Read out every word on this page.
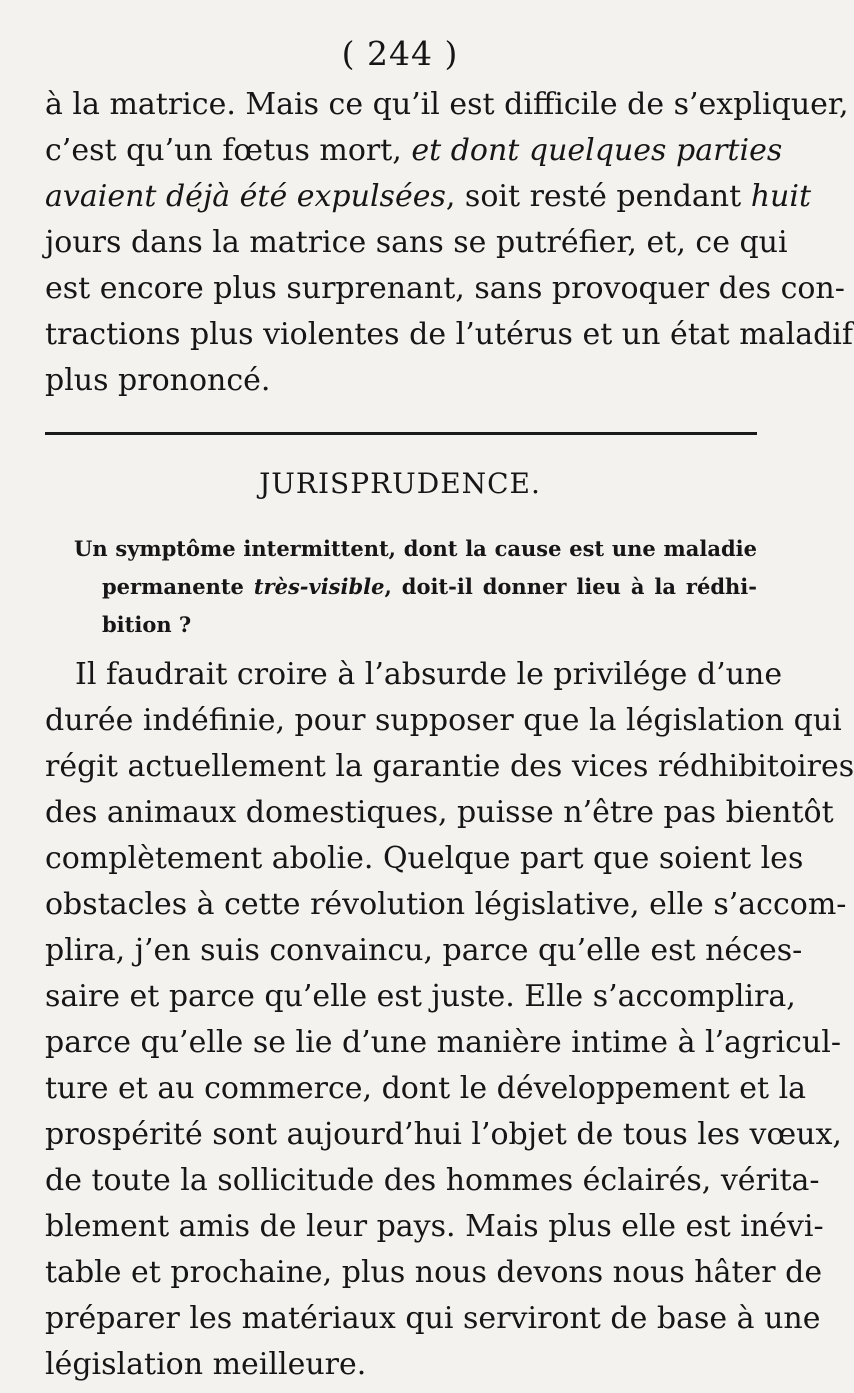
( 244 )
à la matrice. Mais ce qu’il est difficile de s’expliquer,
c’est qu’un fœtus mort, et dont quelques parties
avaient déjà été expulsées, soit resté pendant huit
jours dans la matrice sans se putréfier, et, ce qui
est encore plus surprenant, sans provoquer des con-
tractions plus violentes de l’utérus et un état maladif
plus prononcé.
JURISPRUDENCE.
Un symptôme intermittent, dont la cause est une maladie
permanente très-visible, doit-il donner lieu à la rédhi-
bition ?
Il faudrait croire à l’absurde le privilége d’une
durée indéfinie, pour supposer que la législation qui
régit actuellement la garantie des vices rédhibitoires
des animaux domestiques, puisse n’être pas bientôt
complètement abolie. Quelque part que soient les
obstacles à cette révolution législative, elle s’accom-
plira, j’en suis convaincu, parce qu’elle est néces-
saire et parce qu’elle est juste. Elle s’accomplira,
parce qu’elle se lie d’une manière intime à l’agricul-
ture et au commerce, dont le développement et la
prospérité sont aujourd’hui l’objet de tous les vœux,
de toute la sollicitude des hommes éclairés, vérita-
blement amis de leur pays. Mais plus elle est inévi-
table et prochaine, plus nous devons nous hâter de
préparer les matériaux qui serviront de base à une
législation meilleure.
